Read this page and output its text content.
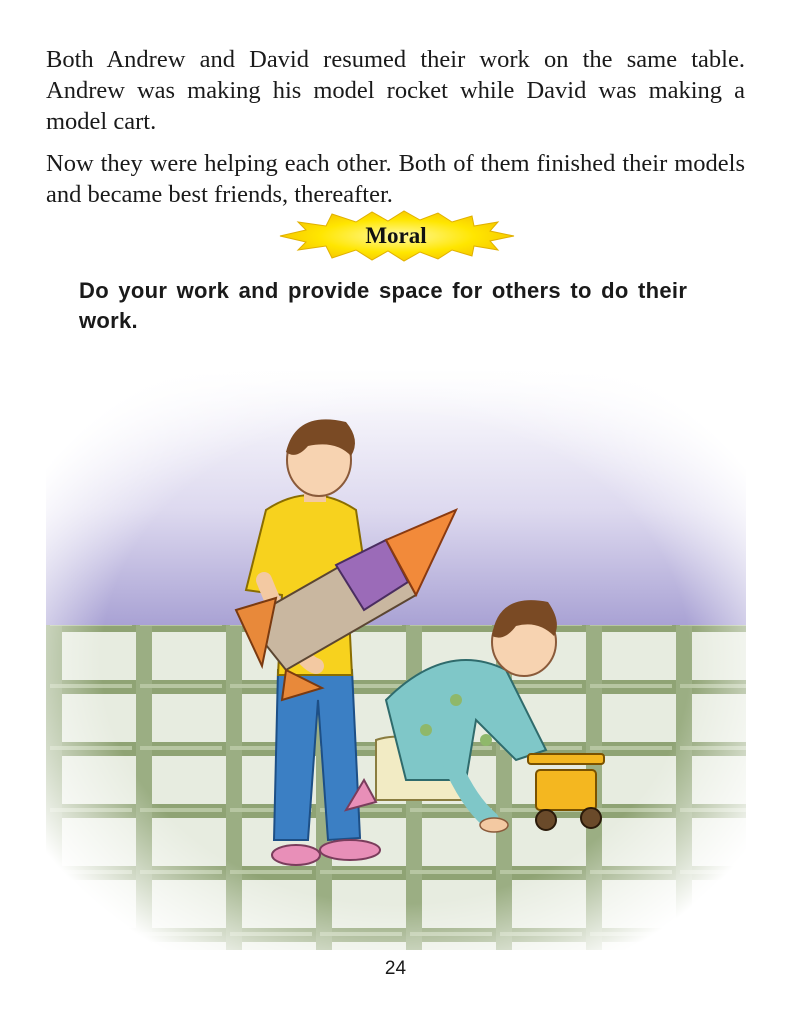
Both Andrew and David resumed their work on the same table. Andrew was making his model rocket while David was making a model cart.

Now they were helping each other. Both of them finished their models and became best friends, thereafter.

Moral

Do your work and provide space for others to do their work.

24
